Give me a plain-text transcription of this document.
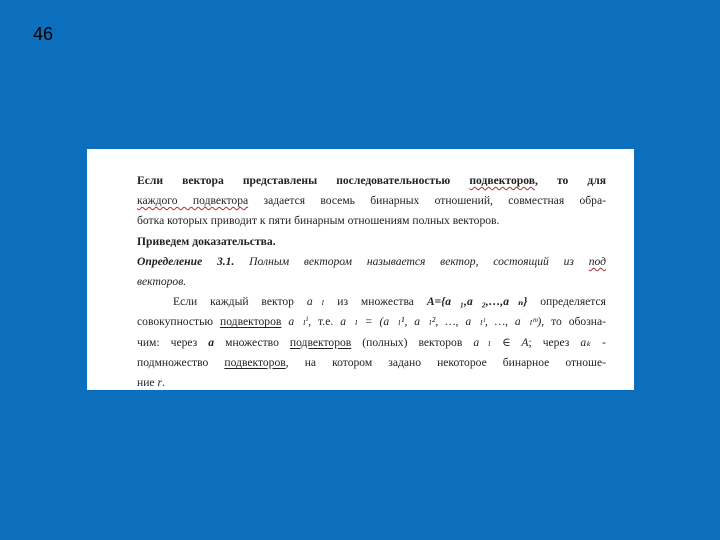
46
Если вектора представлены последовательностью подвекторов, то для
каждого подвектора задается восемь бинарных отношений, совместная обра-
ботка которых приводит к пяти бинарным отношениям полных векторов.
Приведем доказательства.
Определение 3.1. Полным вектором называется вектор, состоящий из под
векторов.
Если каждый вектор a⃗ₗ из множества A={a⃗₁,a⃗₂,…,a⃗ₙ} определяется
совокупностью подвекторов a⃗ₗⁱ, т.е. a⃗ₗ = (a⃗ₗ¹, a⃗ₗ², …, a⃗ₗᵗ, …, a⃗ₗᵐ), то обозна-
чим: через a множество подвекторов (полных) векторов a⃗ₗ ∈ A; через aₖ -
подмножество подвекторов, на котором задано некоторое бинарное отноше-
ние r.
